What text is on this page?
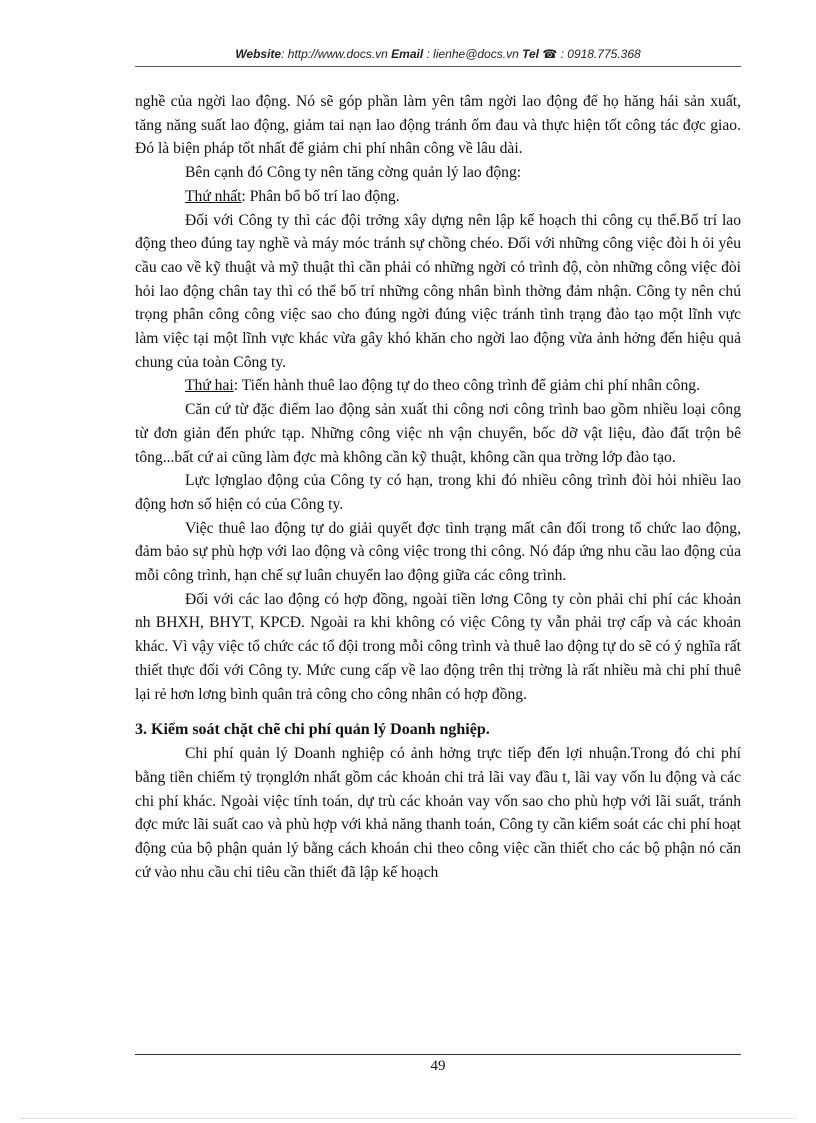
Website: http://www.docs.vn Email : lienhe@docs.vn Tel ☎ : 0918.775.368

nghề của ngời lao động. Nó sẽ góp phần làm yên tâm ngời lao động để họ hăng hái sản xuất, tăng năng suất lao động, giảm tai nạn lao động tránh ốm đau và thực hiện tốt công tác đợc giao. Đó là biện pháp tốt nhất để giảm chi phí nhân công về lâu dài.

Bên cạnh đó Công ty nên tăng cờng quản lý lao động:

Thứ nhất: Phân bổ bố trí lao động.

Đối với Công ty thì các đội trởng xây dựng nên lập kế hoạch thi công cụ thể.Bố trí lao động theo đúng tay nghề và máy móc tránh sự chồng chéo. Đối với những công việc đòi h ỏi yêu cầu cao về kỹ thuật và mỹ thuật thì cần phải có những ngời có trình độ, còn những công việc đòi hỏi lao động chân tay thì có thể bố trí những công nhân bình thờng đảm nhận. Công ty nên chú trọng phân công công việc sao cho đúng ngời đúng việc tránh tình trạng đào tạo một lĩnh vực làm việc tại một lĩnh vực khác vừa gây khó khăn cho ngời lao động vừa ảnh hởng đến hiệu quả chung của toàn Công ty.

Thứ hai: Tiến hành thuê lao động tự do theo công trình để giảm chi phí nhân công.

Căn cứ từ đặc điểm lao động sản xuất thi công nơi công trình bao gồm nhiều loại công từ đơn giản đến phức tạp. Những công việc nh vận chuyển, bốc dỡ vật liệu, đào đất trộn bê tông...bất cứ ai cũng làm đợc mà không cần kỹ thuật, không cần qua trờng lớp đào tạo.

Lực lợnglao động của Công ty có hạn, trong khi đó nhiều công trình đòi hỏi nhiều lao động hơn số hiện có của Công ty.

Việc thuê lao động tự do giải quyết đợc tình trạng mất cân đối trong tổ chức lao động, đảm bảo sự phù hợp với lao động và công việc trong thi công. Nó đáp ứng nhu cầu lao động của mỗi công trình, hạn chế sự luân chuyển lao động giữa các công trình.

Đối với các lao động có hợp đồng, ngoài tiền lơng Công ty còn phải chi phí các khoản nh BHXH, BHYT, KPCĐ. Ngoài ra khi không có việc Công ty vẫn phải trợ cấp và các khoản khác. Vì vậy việc tổ chức các tổ đội trong mỗi công trình và thuê lao động tự do sẽ có ý nghĩa rất thiết thực đối với Công ty. Mức cung cấp về lao động trên thị trờng là rất nhiều mà chi phí thuê lại rẻ hơn lơng bình quân trả công cho công nhân có hợp đồng.

3. Kiểm soát chặt chẽ chi phí quản lý Doanh nghiệp.

Chi phí quản lý Doanh nghiệp có ảnh hởng trực tiếp đến lợi nhuận.Trong đó chi phí bằng tiền chiếm tỷ trọnglớn nhất gồm các khoản chi trả lãi vay đầu t, lãi vay vốn lu động và các chi phí khác. Ngoài việc tính toán, dự trù các khoản vay vốn sao cho phù hợp với lãi suất, tránh đợc mức lãi suất cao và phù hợp với khả năng thanh toán, Công ty cần kiểm soát các chi phí hoạt động của bộ phận quản lý bằng cách khoán chi theo công việc cần thiết cho các bộ phận nó căn cứ vào nhu cầu chi tiêu cần thiết đã lập kế hoạch

49
